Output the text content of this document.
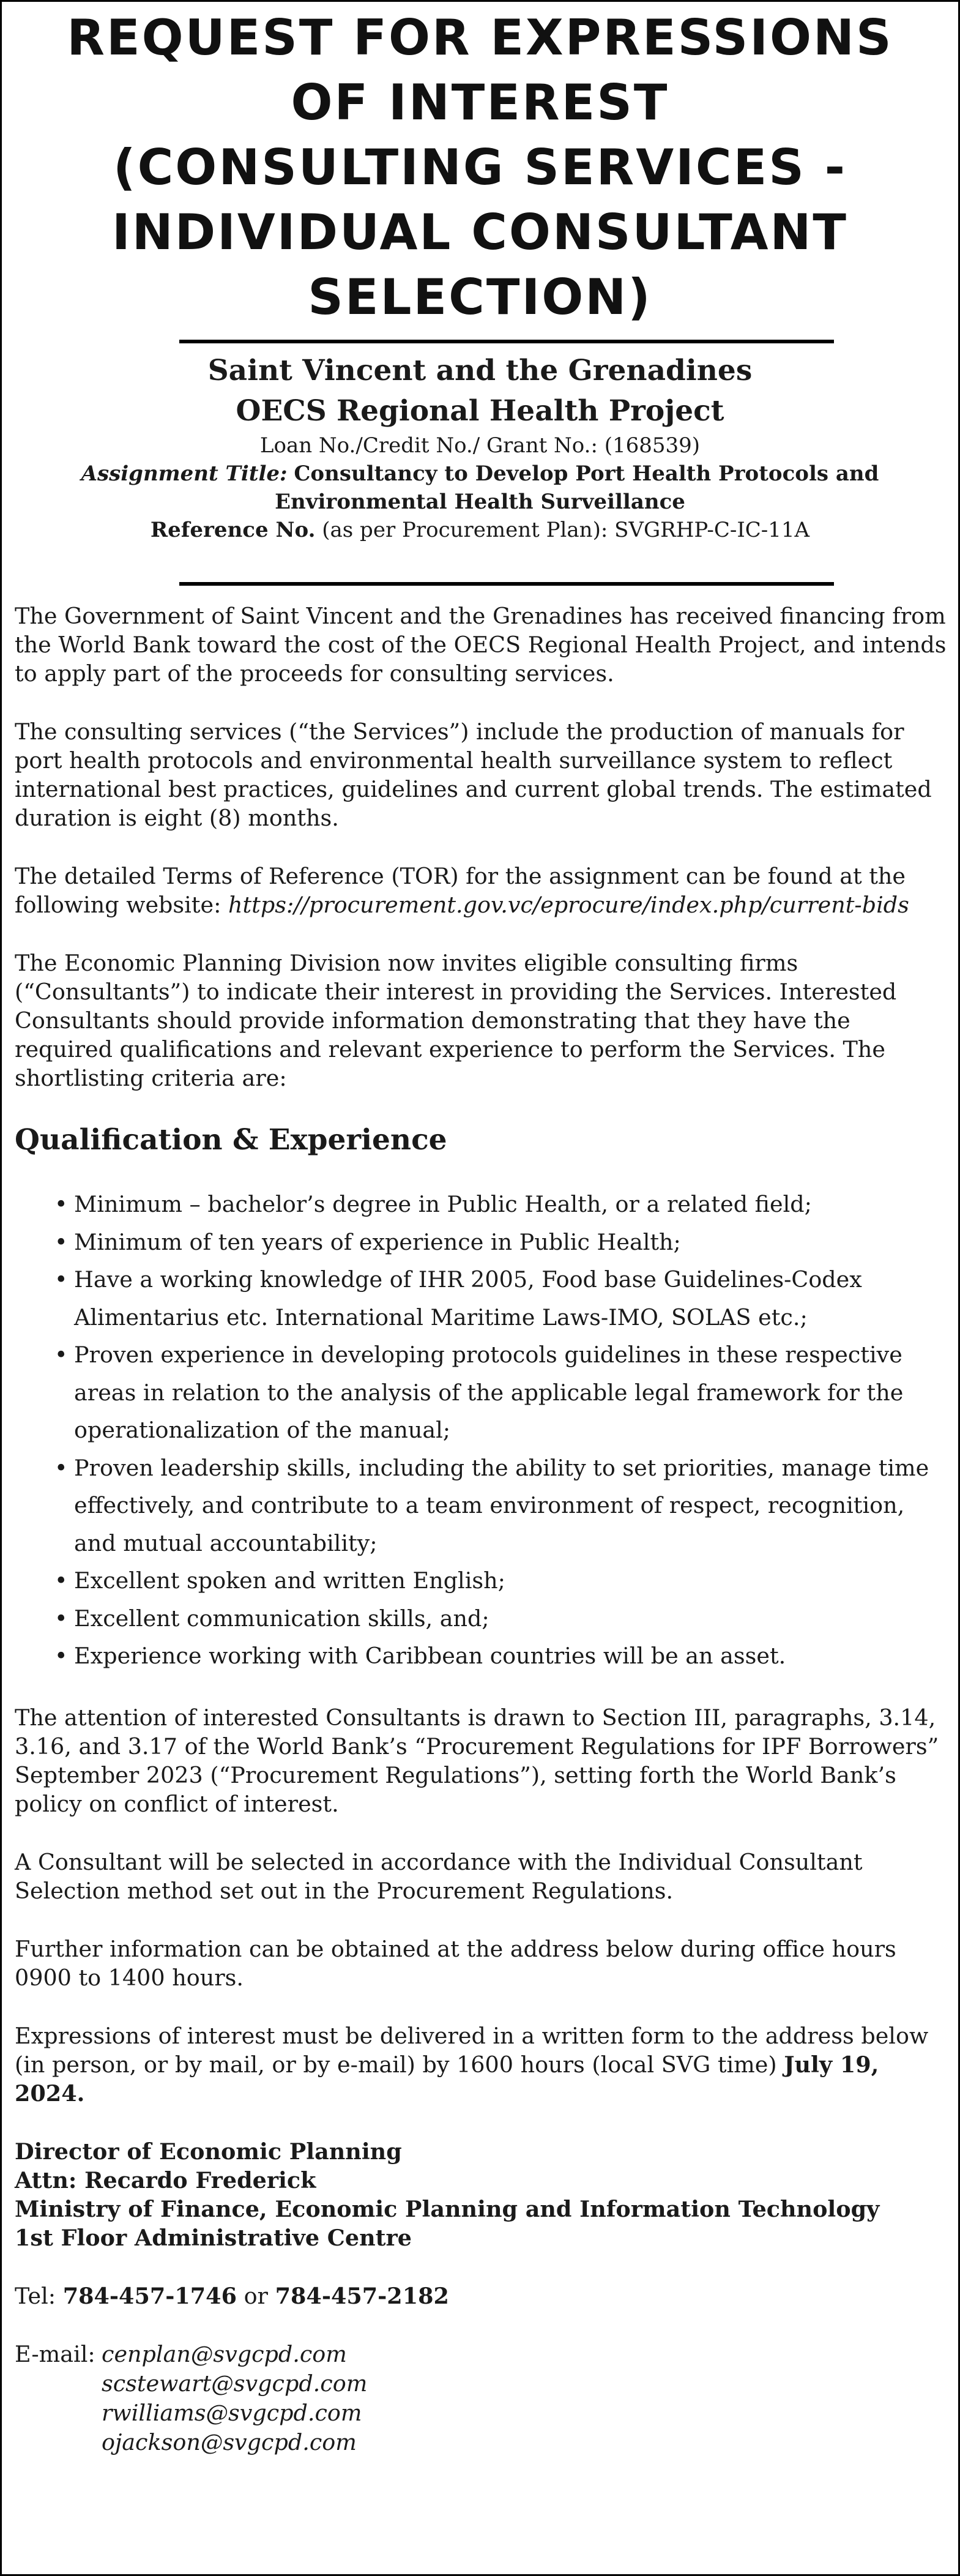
REQUEST FOR EXPRESSIONS
OF INTEREST
(CONSULTING SERVICES -
INDIVIDUAL CONSULTANT
SELECTION)
Saint Vincent and the Grenadines
OECS Regional Health Project
Loan No./Credit No./ Grant No.: (168539)
Assignment Title: Consultancy to Develop Port Health Protocols and
Environmental Health Surveillance
Reference No. (as per Procurement Plan): SVGRHP-C-IC-11A

The Government of Saint Vincent and the Grenadines has received financing from the World Bank toward the cost of the OECS Regional Health Project, and intends to apply part of the proceeds for consulting services.

The consulting services (“the Services”) include the production of manuals for port health protocols and environmental health surveillance system to reflect international best practices, guidelines and current global trends. The estimated duration is eight (8) months.

The detailed Terms of Reference (TOR) for the assignment can be found at the following website: https://procurement.gov.vc/eprocure/index.php/current-bids

The Economic Planning Division now invites eligible consulting firms (“Consultants”) to indicate their interest in providing the Services. Interested Consultants should provide information demonstrating that they have the required qualifications and relevant experience to perform the Services. The shortlisting criteria are:

Qualification & Experience
• Minimum – bachelor’s degree in Public Health, or a related field;
• Minimum of ten years of experience in Public Health;
• Have a working knowledge of IHR 2005, Food base Guidelines-Codex Alimentarius etc. International Maritime Laws-IMO, SOLAS etc.;
• Proven experience in developing protocols guidelines in these respective areas in relation to the analysis of the applicable legal framework for the operationalization of the manual;
• Proven leadership skills, including the ability to set priorities, manage time effectively, and contribute to a team environment of respect, recognition, and mutual accountability;
• Excellent spoken and written English;
• Excellent communication skills, and;
• Experience working with Caribbean countries will be an asset.

The attention of interested Consultants is drawn to Section III, paragraphs, 3.14, 3.16, and 3.17 of the World Bank’s “Procurement Regulations for IPF Borrowers” September 2023 (“Procurement Regulations”), setting forth the World Bank’s policy on conflict of interest.

A Consultant will be selected in accordance with the Individual Consultant Selection method set out in the Procurement Regulations.

Further information can be obtained at the address below during office hours 0900 to 1400 hours.

Expressions of interest must be delivered in a written form to the address below (in person, or by mail, or by e-mail) by 1600 hours (local SVG time) July 19, 2024.

Director of Economic Planning
Attn: Recardo Frederick
Ministry of Finance, Economic Planning and Information Technology
1st Floor Administrative Centre

Tel: 784-457-1746 or 784-457-2182

E-mail: cenplan@svgcpd.com
scstewart@svgcpd.com
rwilliams@svgcpd.com
ojackson@svgcpd.com
